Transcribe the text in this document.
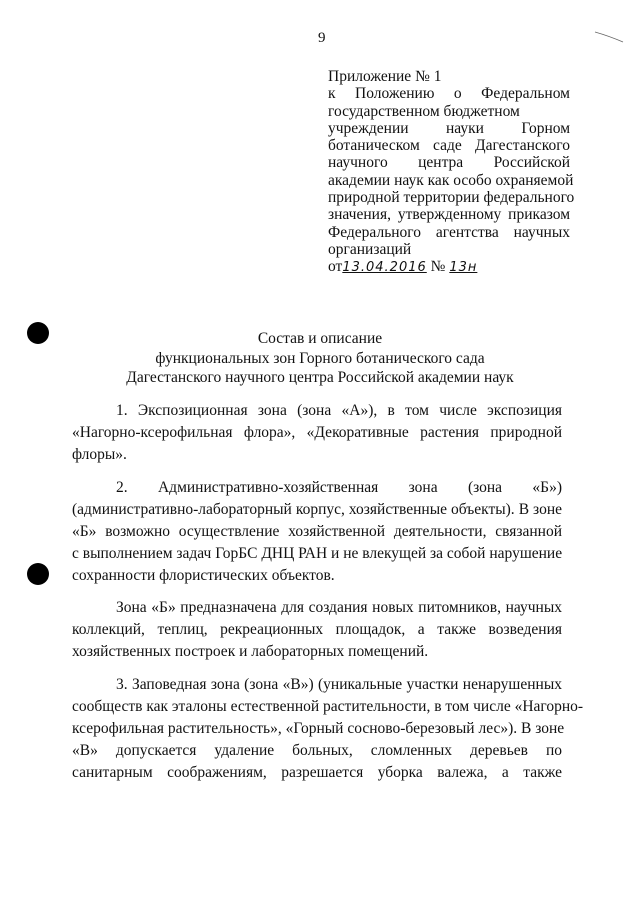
9
Приложение № 1
к Положению о Федеральном
государственном бюджетном
учреждении науки Горном
ботаническом саде Дагестанского
научного центра Российской
академии наук как особо охраняемой
природной территории федерального
значения, утвержденному приказом
Федерального агентства научных
организаций
от13.04.2016 № 13н
Состав и описание
функциональных зон Горного ботанического сада
Дагестанского научного центра Российской академии наук
1. Экспозиционная зона (зона «А»), в том числе экспозиция
«Нагорно-ксерофильная флора», «Декоративные растения природной
флоры».
2. Административно-хозяйственная зона (зона «Б»)
(административно-лабораторный корпус, хозяйственные объекты). В зоне
«Б» возможно осуществление хозяйственной деятельности, связанной
с выполнением задач ГорБС ДНЦ РАН и не влекущей за собой нарушение
сохранности флористических объектов.
Зона «Б» предназначена для создания новых питомников, научных
коллекций, теплиц, рекреационных площадок, а также возведения
хозяйственных построек и лабораторных помещений.
3. Заповедная зона (зона «В») (уникальные участки ненарушенных
сообществ как эталоны естественной растительности, в том числе «Нагорно-
ксерофильная растительность», «Горный сосново-березовый лес»). В зоне
«В» допускается удаление больных, сломленных деревьев по
санитарным соображениям, разрешается уборка валежа, а также
